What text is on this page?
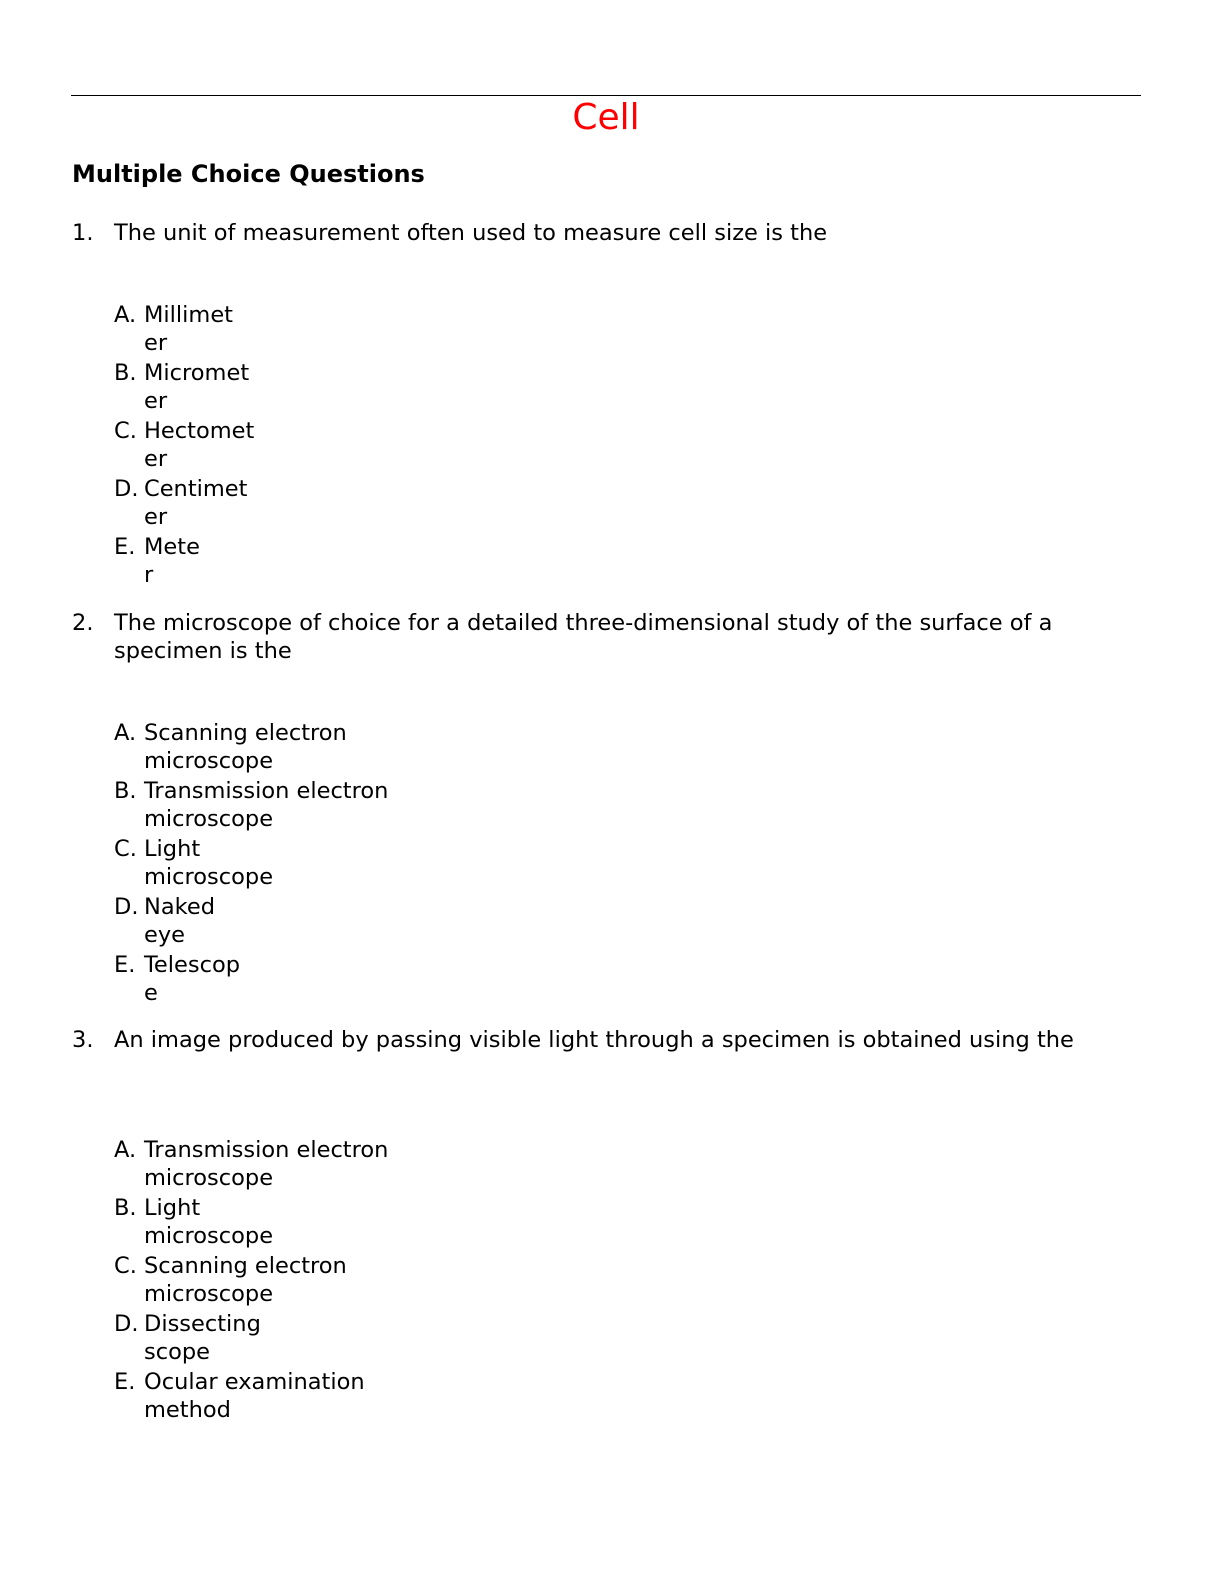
Cell
Multiple Choice Questions
1. The unit of measurement often used to measure cell size is the
A. Millimet
er
B. Micromet
er
C. Hectomet
er
D. Centimet
er
E. Mete
r
2. The microscope of choice for a detailed three-dimensional study of the surface of a
specimen is the
A. Scanning electron
microscope
B. Transmission electron
microscope
C. Light
microscope
D. Naked
eye
E. Telescop
e
3. An image produced by passing visible light through a specimen is obtained using the
A. Transmission electron
microscope
B. Light
microscope
C. Scanning electron
microscope
D. Dissecting
scope
E. Ocular examination
method
